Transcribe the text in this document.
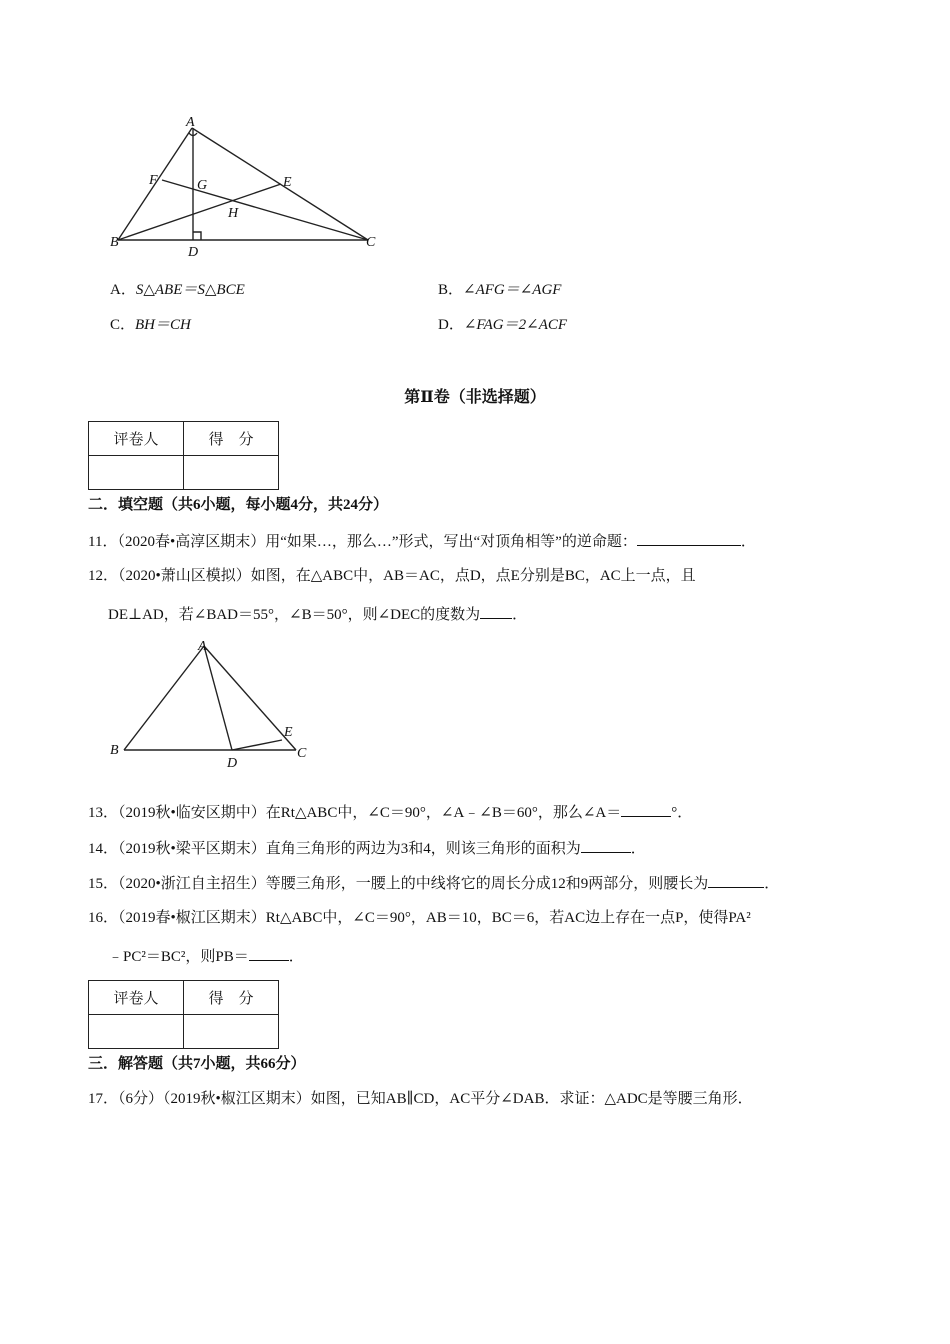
A
B	C
D
E
F	G
H
A．S△ABE＝S△BCE	B．∠AFG＝∠AGF
C．BH＝CH	D．∠FAG＝2∠ACF
第Ⅱ卷（非选择题）
评卷人	得　分

二．填空题（共6小题，每小题4分，共24分）
11．（2020春•高淳区期末）用“如果…，那么…”形式，写出“对顶角相等”的逆命题：	．
12．（2020•萧山区模拟）如图，在△ABC中，AB＝AC，点D，点E分别是BC，AC上一点，且
DE⊥AD，若∠BAD＝55°，∠B＝50°，则∠DEC的度数为 ．
A
B	C
D
E
13．（2019秋•临安区期中）在Rt△ABC中，∠C＝90°，∠A﹣∠B＝60°，那么∠A＝	°．
14．（2019秋•梁平区期末）直角三角形的两边为3和4，则该三角形的面积为	．
15．（2020•浙江自主招生）等腰三角形，一腰上的中线将它的周长分成12和9两部分，则腰长为	．
16．（2019春•椒江区期末）Rt△ABC中，∠C＝90°，AB＝10，BC＝6，若AC边上存在一点P，使得PA²
﹣PC²＝BC²，则PB＝	．
评卷人	得　分

三．解答题（共7小题，共66分）
17．（6分）（2019秋•椒江区期末）如图，已知AB∥CD，AC平分∠DAB．求证：△ADC是等腰三角形．
